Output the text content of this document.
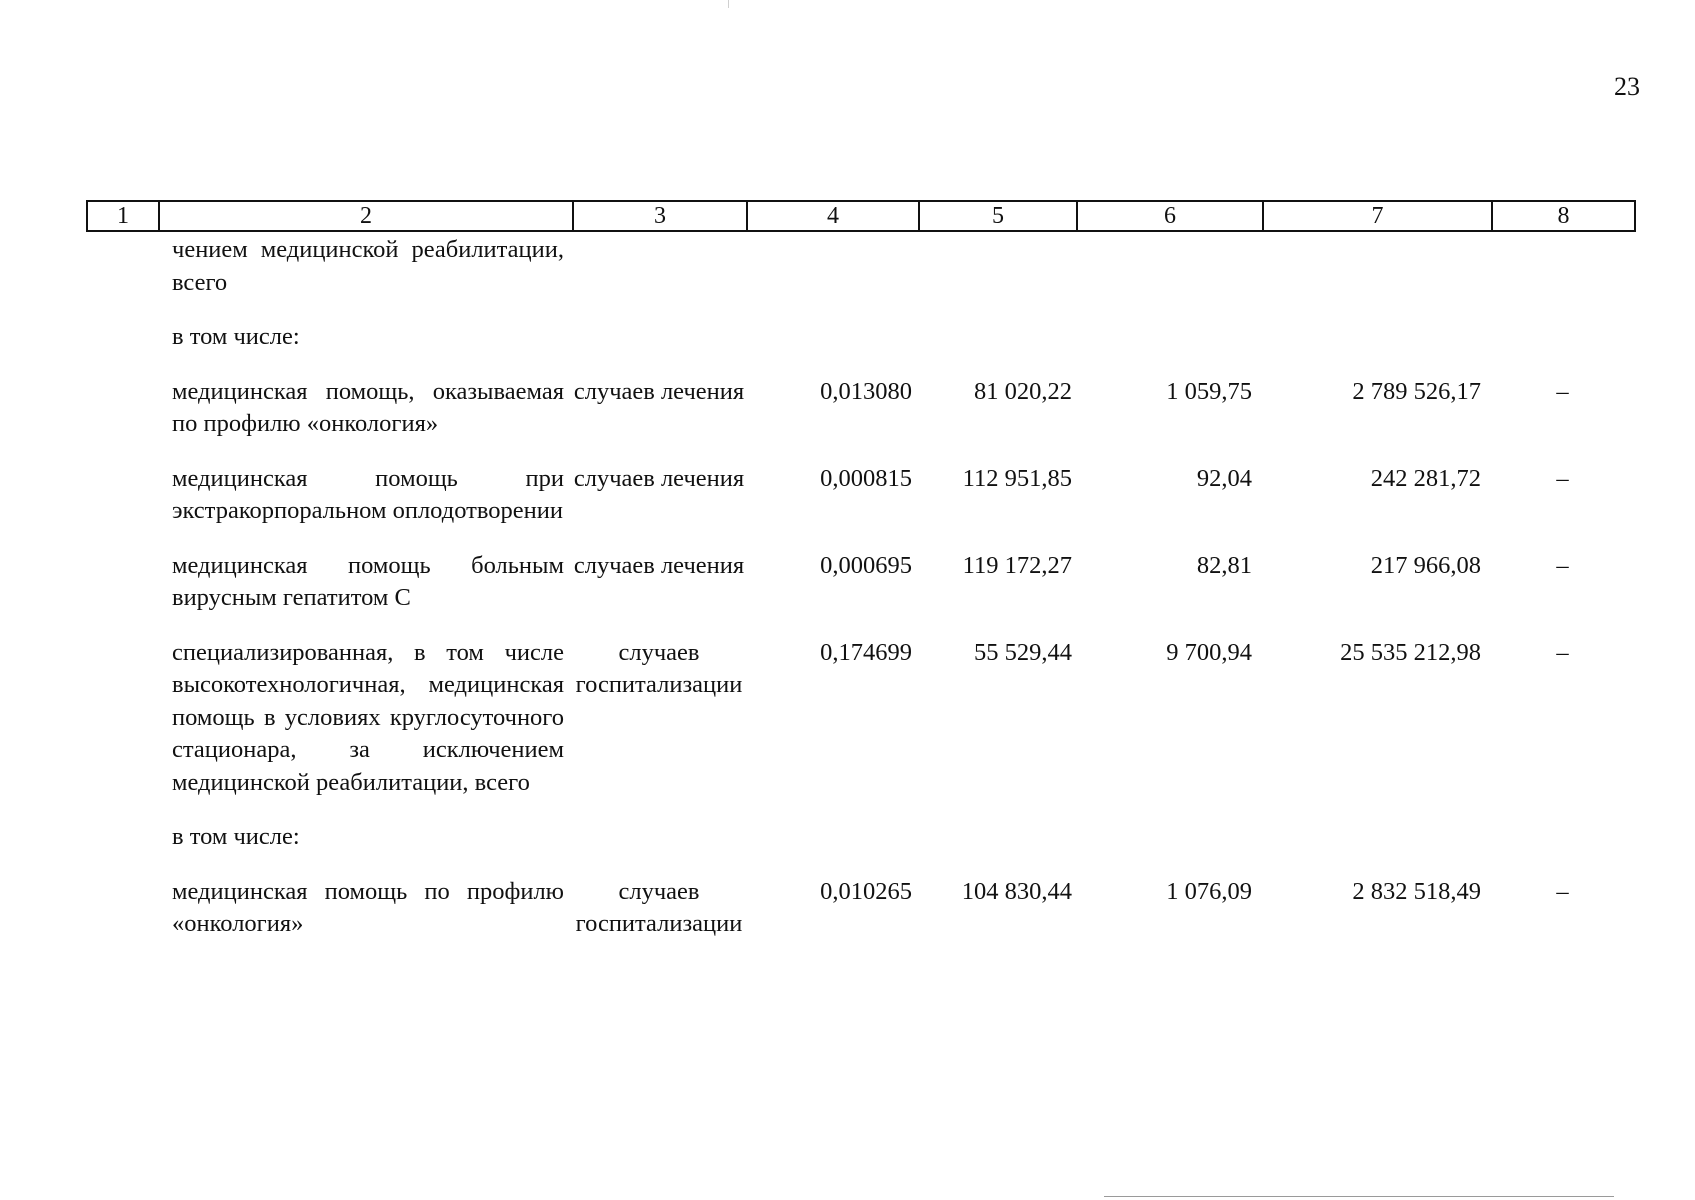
23
1	2	3	4	5	6	7	8
	чением медицинской реабилитации, всего						

	в том числе:						

	медицинская помощь, оказываемая по профилю «онкология»	случаев лечения	0,013080	81 020,22	1 059,75	2 789 526,17	–

	медицинская помощь при экстракорпоральном оплодотворении	случаев лечения	0,000815	112 951,85	92,04	242 281,72	–

	медицинская помощь больным вирусным гепатитом С	случаев лечения	0,000695	119 172,27	82,81	217 966,08	–

	специализированная, в том числе высокотехнологичная, медицинская помощь в условиях круглосуточного стационара, за исключением медицинской реабилитации, всего	случаев госпитализации	0,174699	55 529,44	9 700,94	25 535 212,98	–

	в том числе:						

	медицинская помощь по профилю «онкология»	случаев госпитализации	0,010265	104 830,44	1 076,09	2 832 518,49	–
